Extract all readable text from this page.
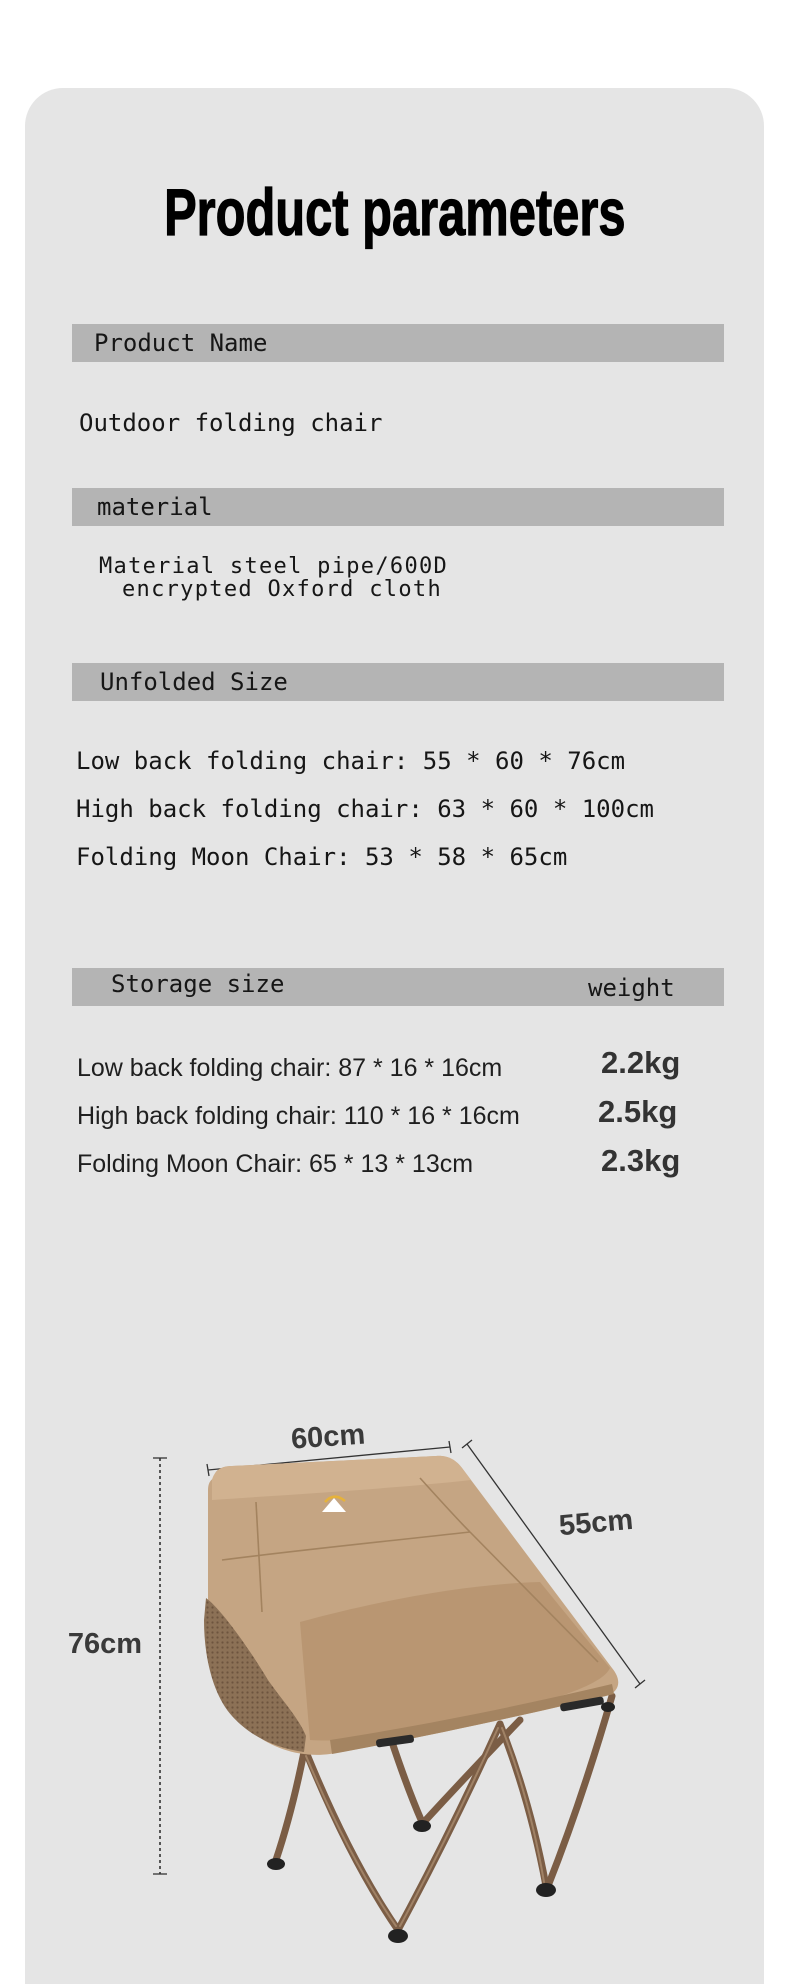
Product parameters
Product Name
Outdoor folding chair
material
Material steel pipe/600D
encrypted Oxford cloth
Unfolded Size
Low back folding chair: 55 * 60 * 76cm
High back folding chair: 63 * 60 * 100cm
Folding Moon Chair: 53 * 58 * 65cm
Storage size	weight
Low back folding chair: 87 * 16 * 16cm	2.2kg
High back folding chair: 110 * 16 * 16cm	2.5kg
Folding Moon Chair: 65 * 13 * 13cm	2.3kg
60cm
55cm
76cm
